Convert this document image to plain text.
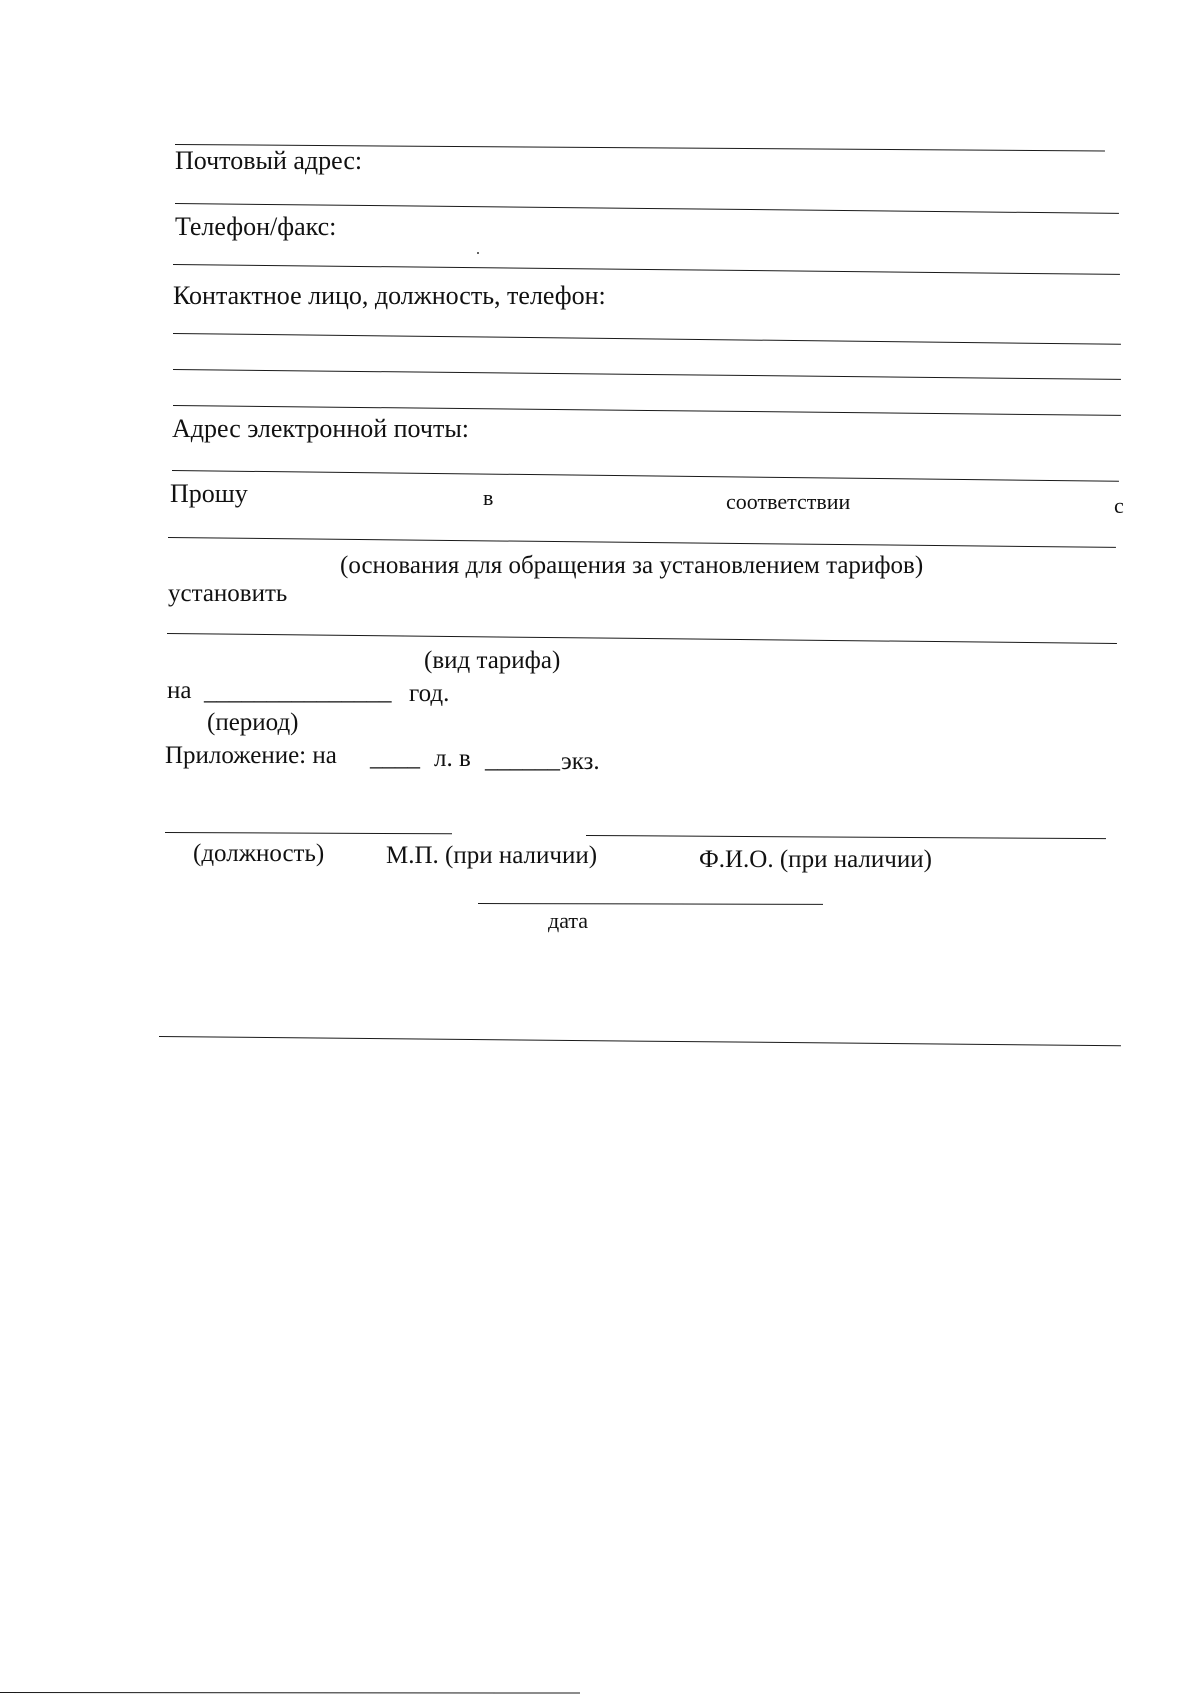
Почтовый адрес:
Телефон/факс:
Контактное лицо, должность, телефон:
Адрес электронной почты:
Прошу	в	соответствии	с
(основания для обращения за установлением тарифов)
установить
(вид тарифа)
на _______________ год.
(период)
Приложение: на ____ л. в ______ экз.
(должность) М.П. (при наличии)	Ф.И.О. (при наличии)
дата
